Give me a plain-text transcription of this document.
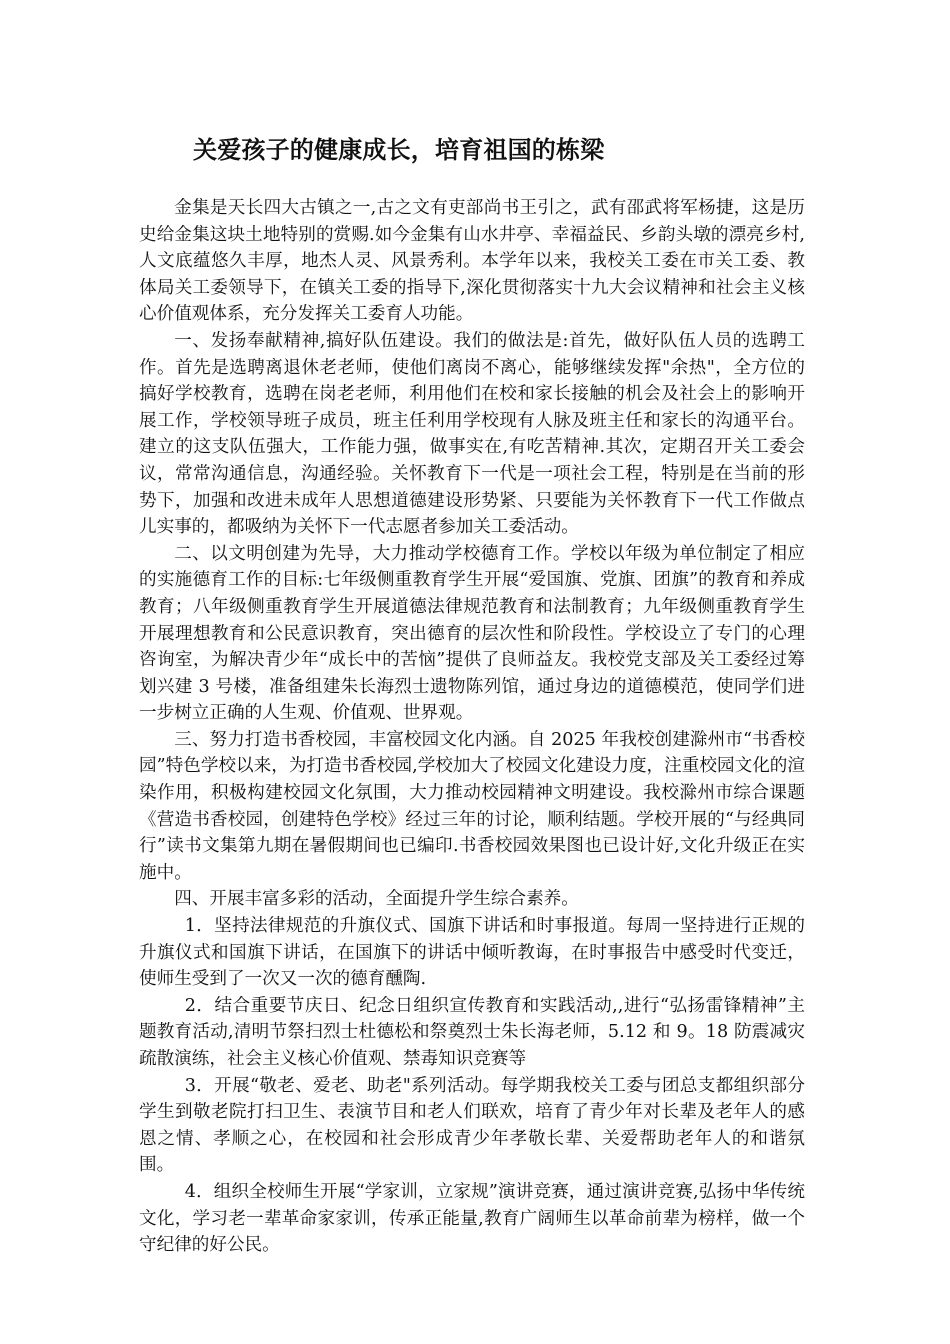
关爱孩子的健康成长，培育祖国的栋梁

金集是天长四大古镇之一,古之文有吏部尚书王引之，武有邵武将军杨捷，这是历史给金集这块土地特别的赏赐.如今金集有山水井亭、幸福益民、乡韵头墩的漂亮乡村,人文底蕴悠久丰厚，地杰人灵、风景秀利。本学年以来，我校关工委在市关工委、教体局关工委领导下，在镇关工委的指导下,深化贯彻落实十九大会议精神和社会主义核心价值观体系，充分发挥关工委育人功能。

一、发扬奉献精神,搞好队伍建设。我们的做法是:首先，做好队伍人员的选聘工作。首先是选聘离退休老老师，使他们离岗不离心，能够继续发挥"余热"，全方位的搞好学校教育，选聘在岗老老师，利用他们在校和家长接触的机会及社会上的影响开展工作，学校领导班子成员，班主任利用学校现有人脉及班主任和家长的沟通平台。建立的这支队伍强大，工作能力强，做事实在,有吃苦精神.其次，定期召开关工委会议，常常沟通信息，沟通经验。关怀教育下一代是一项社会工程，特别是在当前的形势下，加强和改进未成年人思想道德建设形势紧、只要能为关怀教育下一代工作做点儿实事的，都吸纳为关怀下一代志愿者参加关工委活动。

二、以文明创建为先导，大力推动学校德育工作。学校以年级为单位制定了相应的实施德育工作的目标:七年级侧重教育学生开展“爱国旗、党旗、团旗”的教育和养成教育；八年级侧重教育学生开展道德法律规范教育和法制教育；九年级侧重教育学生开展理想教育和公民意识教育，突出德育的层次性和阶段性。学校设立了专门的心理咨询室，为解决青少年“成长中的苦恼”提供了良师益友。我校党支部及关工委经过筹划兴建 3 号楼，准备组建朱长海烈士遗物陈列馆，通过身边的道德模范，使同学们进一步树立正确的人生观、价值观、世界观。

三、努力打造书香校园，丰富校园文化内涵。自 2025 年我校创建滁州市“书香校园”特色学校以来，为打造书香校园,学校加大了校园文化建设力度，注重校园文化的渲染作用，积极构建校园文化氛围，大力推动校园精神文明建设。我校滁州市综合课题《营造书香校园，创建特色学校》经过三年的讨论，顺利结题。学校开展的“与经典同行”读书文集第九期在暑假期间也已编印.书香校园效果图也已设计好,文化升级正在实施中。

四、开展丰富多彩的活动，全面提升学生综合素养。

1．坚持法律规范的升旗仪式、国旗下讲话和时事报道。每周一坚持进行正规的升旗仪式和国旗下讲话，在国旗下的讲话中倾听教诲，在时事报告中感受时代变迁，使师生受到了一次又一次的德育醺陶.

2．结合重要节庆日、纪念日组织宣传教育和实践活动,,进行“弘扬雷锋精神”主题教育活动,清明节祭扫烈士杜德松和祭奠烈士朱长海老师，5.12 和 9。18 防震减灾疏散演练，社会主义核心价值观、禁毒知识竞赛等

3．开展“敬老、爱老、助老"系列活动。每学期我校关工委与团总支都组织部分学生到敬老院打扫卫生、表演节目和老人们联欢，培育了青少年对长辈及老年人的感恩之情、孝顺之心，在校园和社会形成青少年孝敬长辈、关爱帮助老年人的和谐氛围。

4．组织全校师生开展“学家训，立家规”演讲竞赛，通过演讲竞赛,弘扬中华传统文化，学习老一辈革命家家训，传承正能量,教育广阔师生以革命前辈为榜样，做一个守纪律的好公民。
